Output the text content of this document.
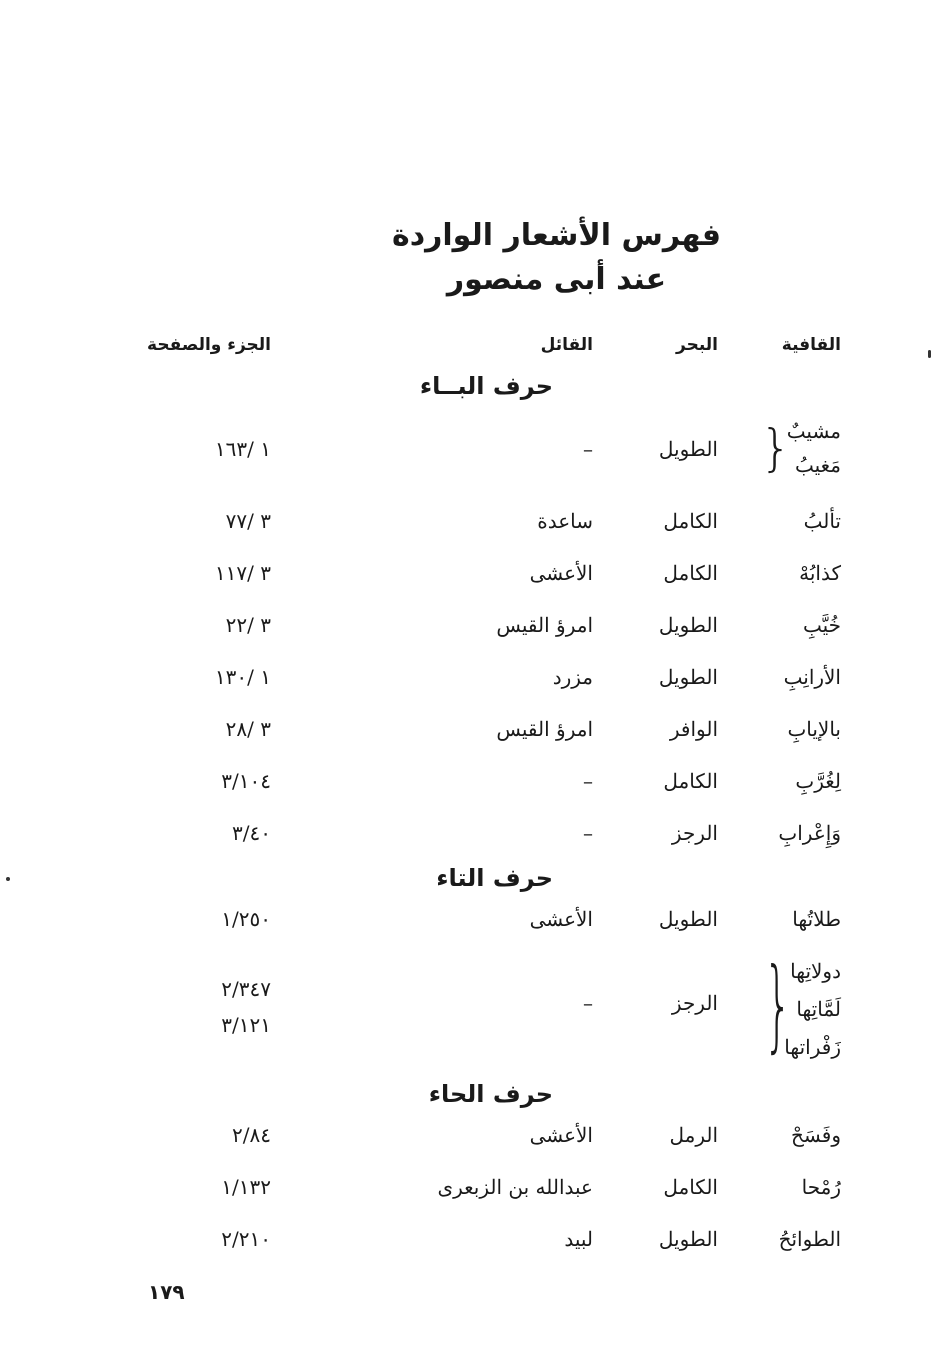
فهرس الأشعار الواردة
عند أبى منصور
القافية
البحر
القائل
الجزء والصفحة
حرف البــاء
مشيبٌ
مَغيبُ
}
الطويل
–
١ /١٦٣
تألبُ
الكامل
ساعدة
٣ /٧٧
كذابُهْ
الكامل
الأعشى
٣ /١١٧
خُيَّبِ
الطويل
امرؤ القيس
٣ /٢٢
الأرانِبِ
الطويل
مزرد
١ /١٣٠
بالإيابِ
الوافر
امرؤ القيس
٣ /٢٨
لِغُرَّبِ
الكامل
–
٣/١٠٤
وَإِعْرابِ
الرجز
–
٣/٤٠
حرف التاء
طلاتُها
الطويل
الأعشى
١/٢٥٠
دولاتِها
لَمَّاتِها
زَفْراتها
}
الرجز
–
٢/٣٤٧
٣/١٢١
حرف الحاء
وفَسَحْ
الرمل
الأعشى
٢/٨٤
رُمْحا
الكامل
عبدالله بن الزبعرى
١/١٣٢
الطوائحُ
الطويل
لبيد
٢/٢١٠
١٧٩
